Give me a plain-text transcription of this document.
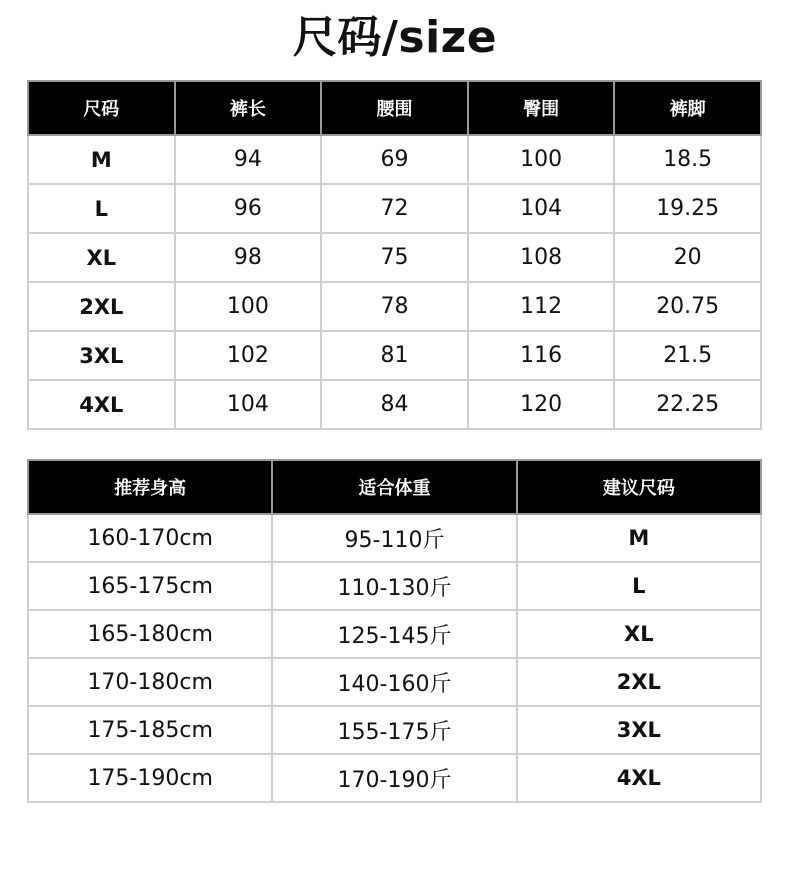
尺码/size
尺码	裤长	腰围	臀围	裤脚
M	94	69	100	18.5
L	96	72	104	19.25
XL	98	75	108	20
2XL	100	78	112	20.75
3XL	102	81	116	21.5
4XL	104	84	120	22.25
推荐身高	适合体重	建议尺码
160-170cm	95-110斤	M
165-175cm	110-130斤	L
165-180cm	125-145斤	XL
170-180cm	140-160斤	2XL
175-185cm	155-175斤	3XL
175-190cm	170-190斤	4XL
